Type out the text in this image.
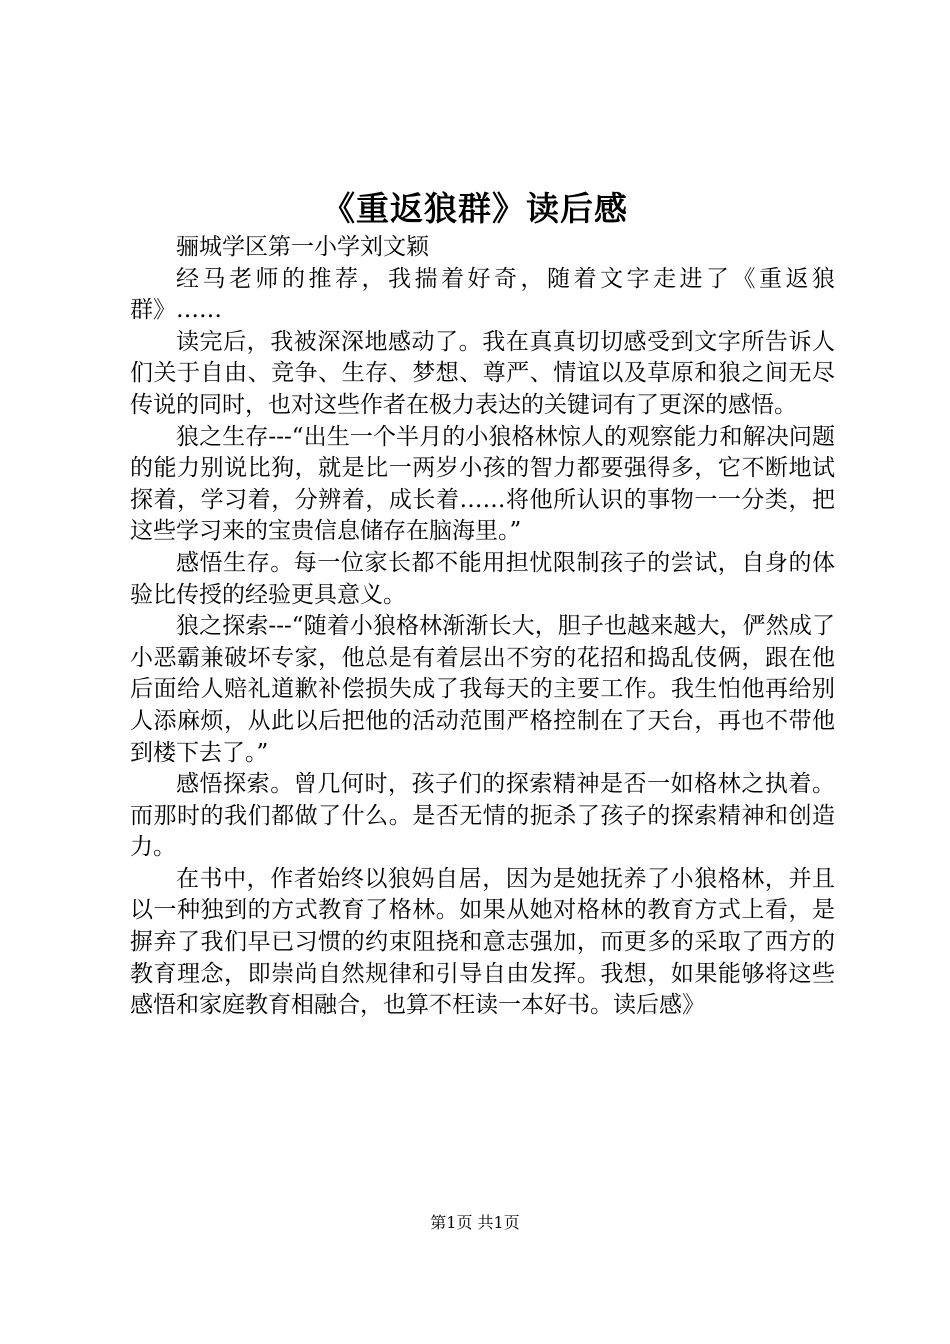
《重返狼群》读后感

骊城学区第一小学刘文颖

经马老师的推荐，我揣着好奇，随着文字走进了《重返狼群》……

读完后，我被深深地感动了。我在真真切切感受到文字所告诉人们关于自由、竞争、生存、梦想、尊严、情谊以及草原和狼之间无尽传说的同时，也对这些作者在极力表达的关键词有了更深的感悟。

狼之生存---“出生一个半月的小狼格林惊人的观察能力和解决问题的能力别说比狗，就是比一两岁小孩的智力都要强得多，它不断地试探着，学习着，分辨着，成长着……将他所认识的事物一一分类，把这些学习来的宝贵信息储存在脑海里。”

感悟生存。每一位家长都不能用担忧限制孩子的尝试，自身的体验比传授的经验更具意义。

狼之探索---“随着小狼格林渐渐长大，胆子也越来越大，俨然成了小恶霸兼破坏专家，他总是有着层出不穷的花招和捣乱伎俩，跟在他后面给人赔礼道歉补偿损失成了我每天的主要工作。我生怕他再给别人添麻烦，从此以后把他的活动范围严格控制在了天台，再也不带他到楼下去了。”

感悟探索。曾几何时，孩子们的探索精神是否一如格林之执着。而那时的我们都做了什么。是否无情的扼杀了孩子的探索精神和创造力。

在书中，作者始终以狼妈自居，因为是她抚养了小狼格林，并且以一种独到的方式教育了格林。如果从她对格林的教育方式上看，是摒弃了我们早已习惯的约束阻挠和意志强加，而更多的采取了西方的教育理念，即崇尚自然规律和引导自由发挥。我想，如果能够将这些感悟和家庭教育相融合，也算不枉读一本好书。读后感》

第1页 共1页
